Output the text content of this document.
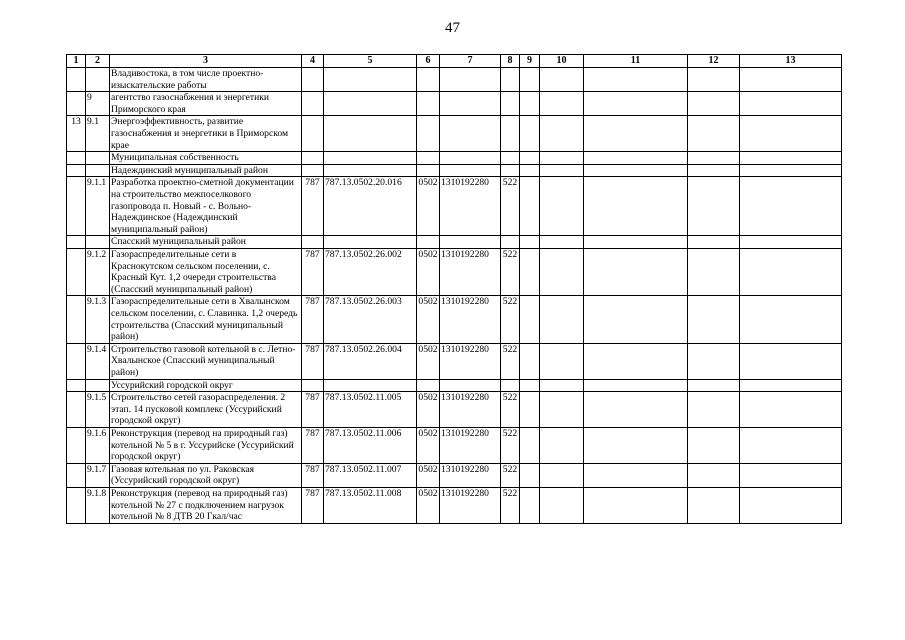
47
1	2	3	4	5	6	7	8	9	10	11	12	13
		Владивостока, в том числе проектно-изыскательские работы										
	9	агентство газоснабжения и энергетики Приморского края										
13	9.1	Энергоэффективность, развитие газоснабжения и энергетики в Приморском крае										
		Муниципальная собственность										
		Надеждинский муниципальный район										
	9.1.1	Разработка проектно-сметной документации на строительство межпоселкового газопровода п. Новый - с. Вольно-Надеждинское (Надеждинский муниципальный район)	787	787.13.0502.20.016	0502	1310192280	522					
		Спасский муниципальный район										
	9.1.2	Газораспределительные сети в Краснокутском сельском поселении, с. Красный Кут. 1,2 очереди строительства (Спасский муниципальный район)	787	787.13.0502.26.002	0502	1310192280	522					
	9.1.3	Газораспределительные сети в Хвалынском сельском поселении, с. Славинка. 1,2 очередь строительства (Спасский муниципальный район)	787	787.13.0502.26.003	0502	1310192280	522					
	9.1.4	Строительство газовой котельной в с. Летно-Хвалынское (Спасский муниципальный район)	787	787.13.0502.26.004	0502	1310192280	522					
		Уссурийский городской округ										
	9.1.5	Строительство сетей газораспределения. 2 этап. 14 пусковой комплекс (Уссурийский городской округ)	787	787.13.0502.11.005	0502	1310192280	522					
	9.1.6	Реконструкция (перевод на природный газ) котельной № 5 в г. Уссурийске (Уссурийский городской округ)	787	787.13.0502.11.006	0502	1310192280	522					
	9.1.7	Газовая котельная по ул. Раковская (Уссурийский городской округ)	787	787.13.0502.11.007	0502	1310192280	522					
	9.1.8	Реконструкция (перевод на природный газ) котельной № 27 с подключением нагрузок котельной № 8 ДТВ 20 Гкал/час	787	787.13.0502.11.008	0502	1310192280	522					
